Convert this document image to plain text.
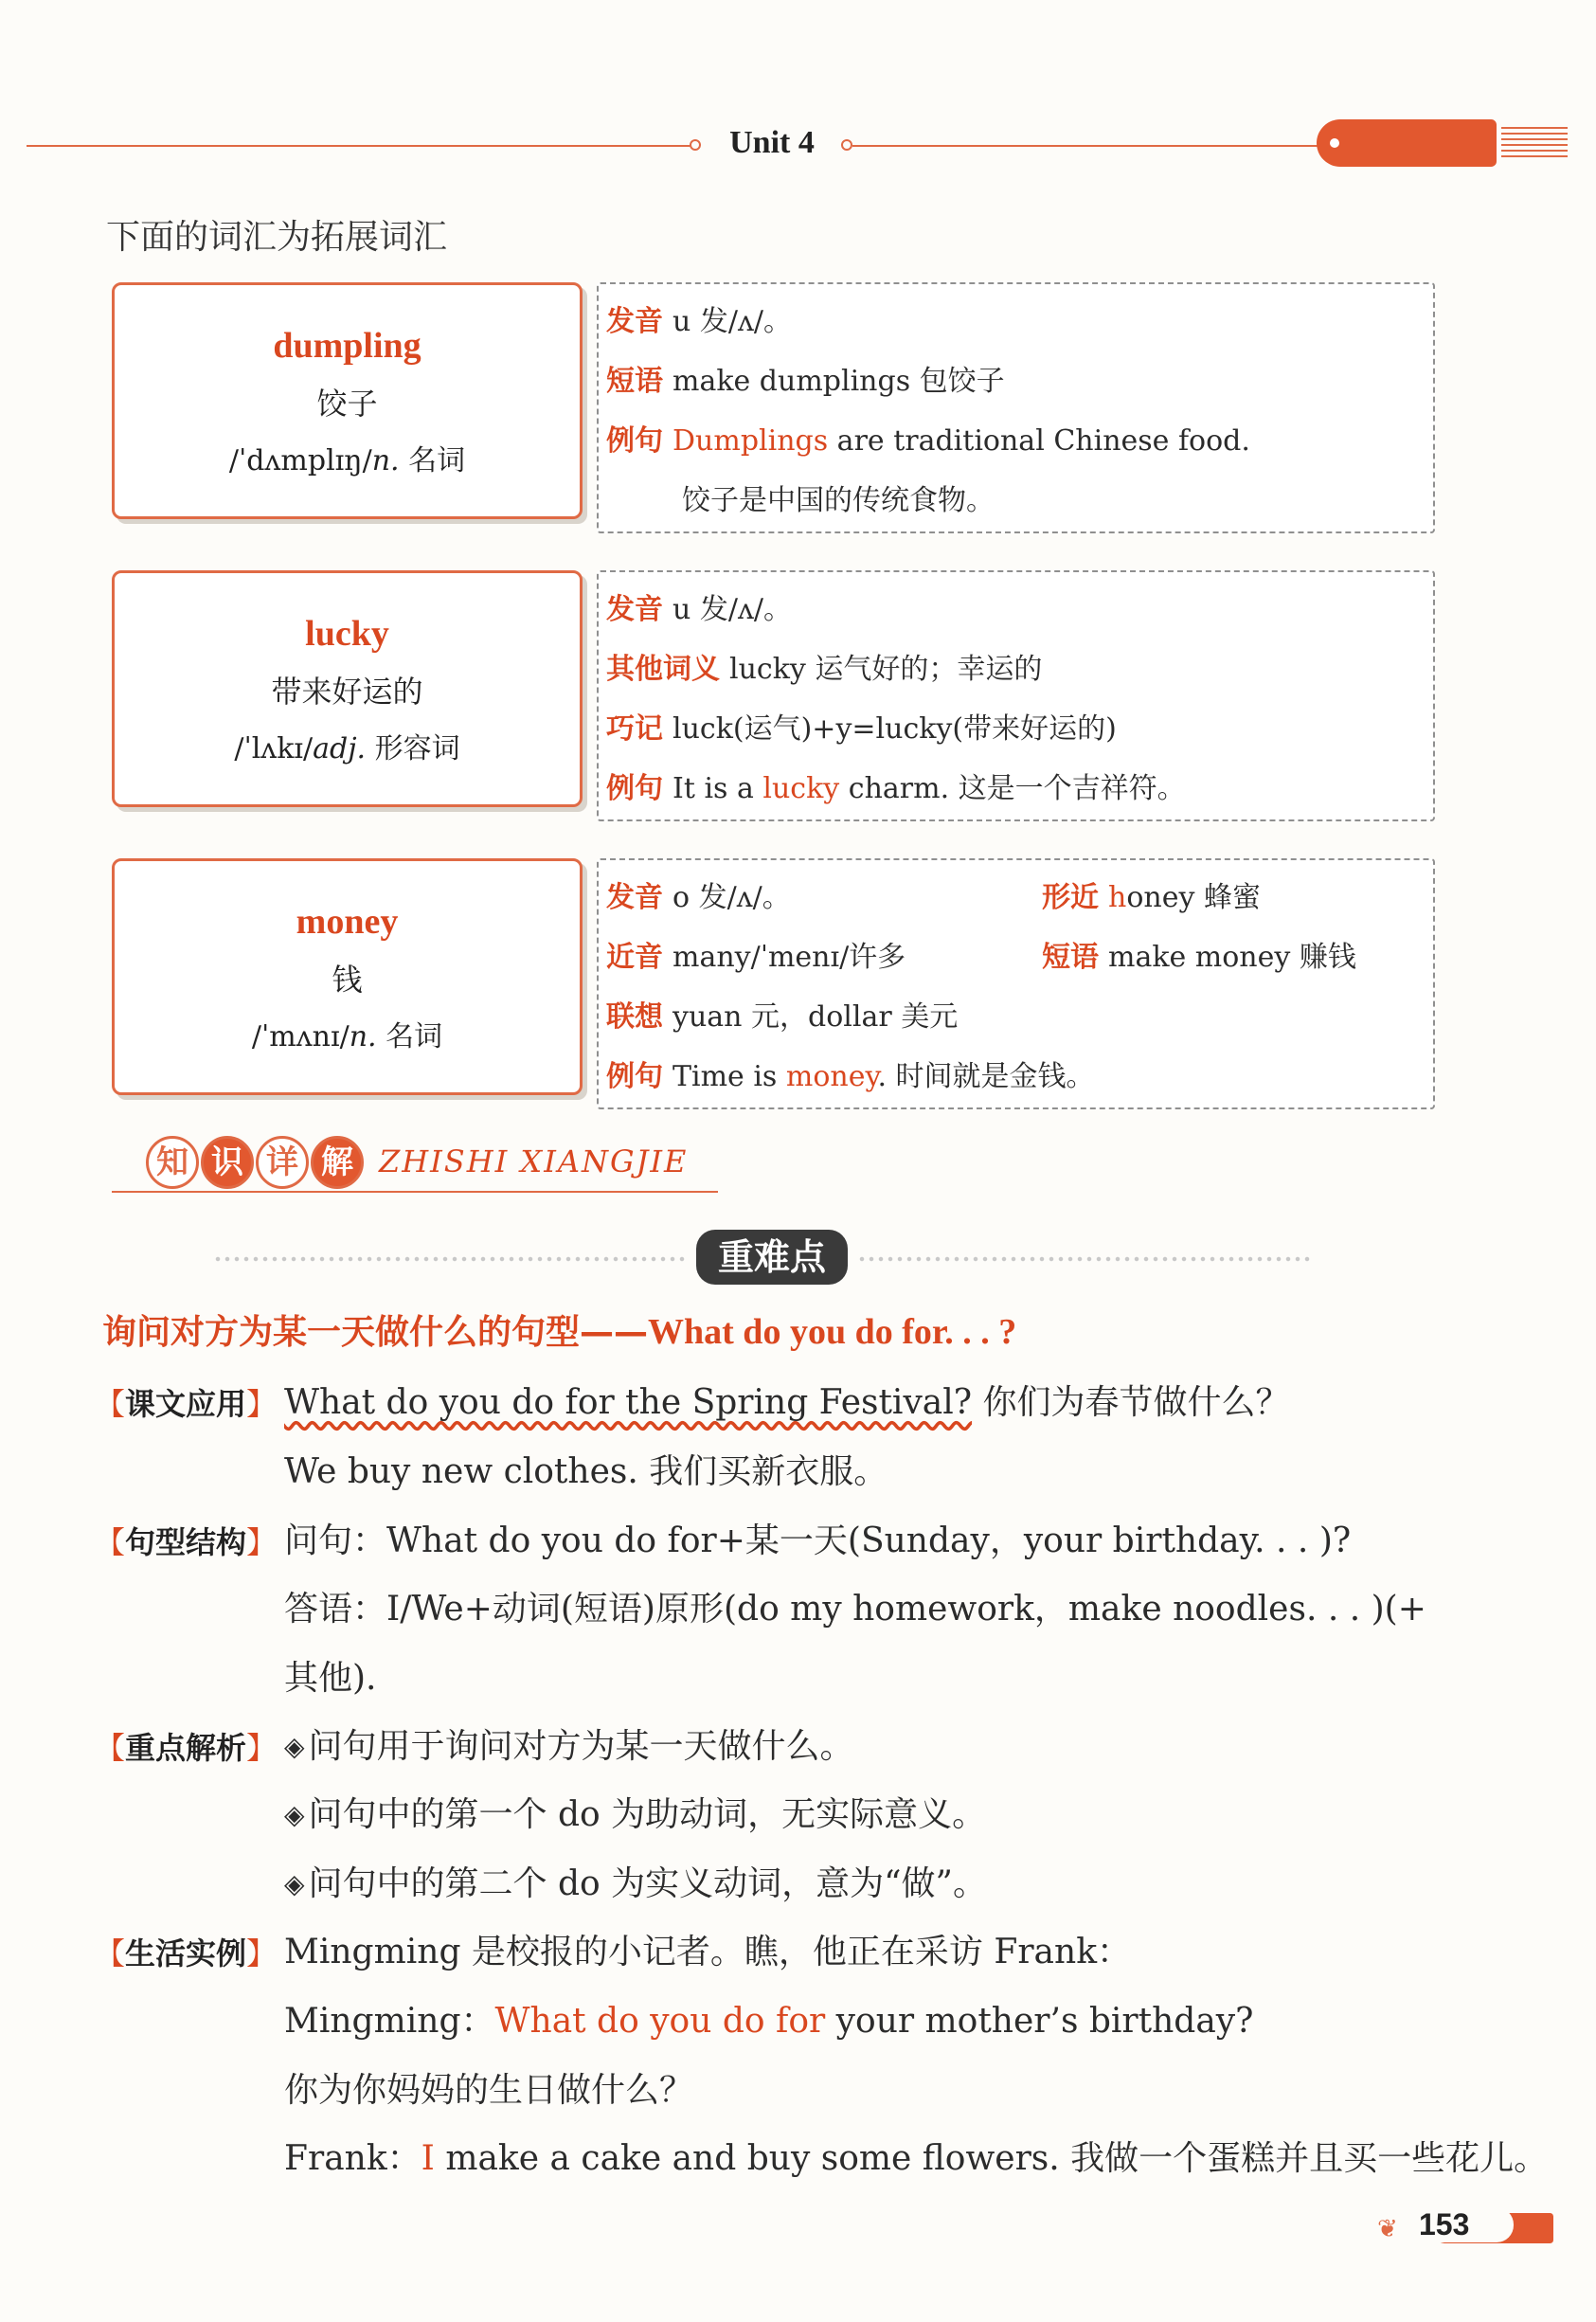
Unit 4
下面的词汇为拓展词汇
dumpling
饺子
/ˈdʌmplɪŋ/n. 名词
发音 u 发/ʌ/。
短语 make dumplings 包饺子
例句 Dumplings are traditional Chinese food.
饺子是中国的传统食物。
lucky
带来好运的
/ˈlʌkɪ/adj. 形容词
发音 u 发/ʌ/。
其他词义 lucky 运气好的；幸运的
巧记 luck(运气)+y=lucky(带来好运的)
例句 It is a lucky charm. 这是一个吉祥符。
money
钱
/ˈmʌnɪ/n. 名词
发音 o 发/ʌ/。	形近 honey 蜂蜜
近音 many/ˈmenɪ/许多	短语 make money 赚钱
联想 yuan 元，dollar 美元
例句 Time is money. 时间就是金钱。
知 识 详 解 ZHISHI XIANGJIE
重难点
询问对方为某一天做什么的句型——What do you do for. . . ?
【课文应用】 What do you do for the Spring Festival? 你们为春节做什么？
We buy new clothes. 我们买新衣服。
【句型结构】 问句：What do you do for+某一天(Sunday，your birthday. . . )?
答语：I/We+动词(短语)原形(do my homework，make noodles. . . )(+
其他).
【重点解析】 ◈ 问句用于询问对方为某一天做什么。
◈ 问句中的第一个 do 为助动词，无实际意义。
◈ 问句中的第二个 do 为实义动词，意为“做”。
【生活实例】 Mingming 是校报的小记者。瞧，他正在采访 Frank：
Mingming：What do you do for your mother’s birthday?
你为你妈妈的生日做什么？
Frank：I make a cake and buy some flowers. 我做一个蛋糕并且买一些花儿。
❦ 153
